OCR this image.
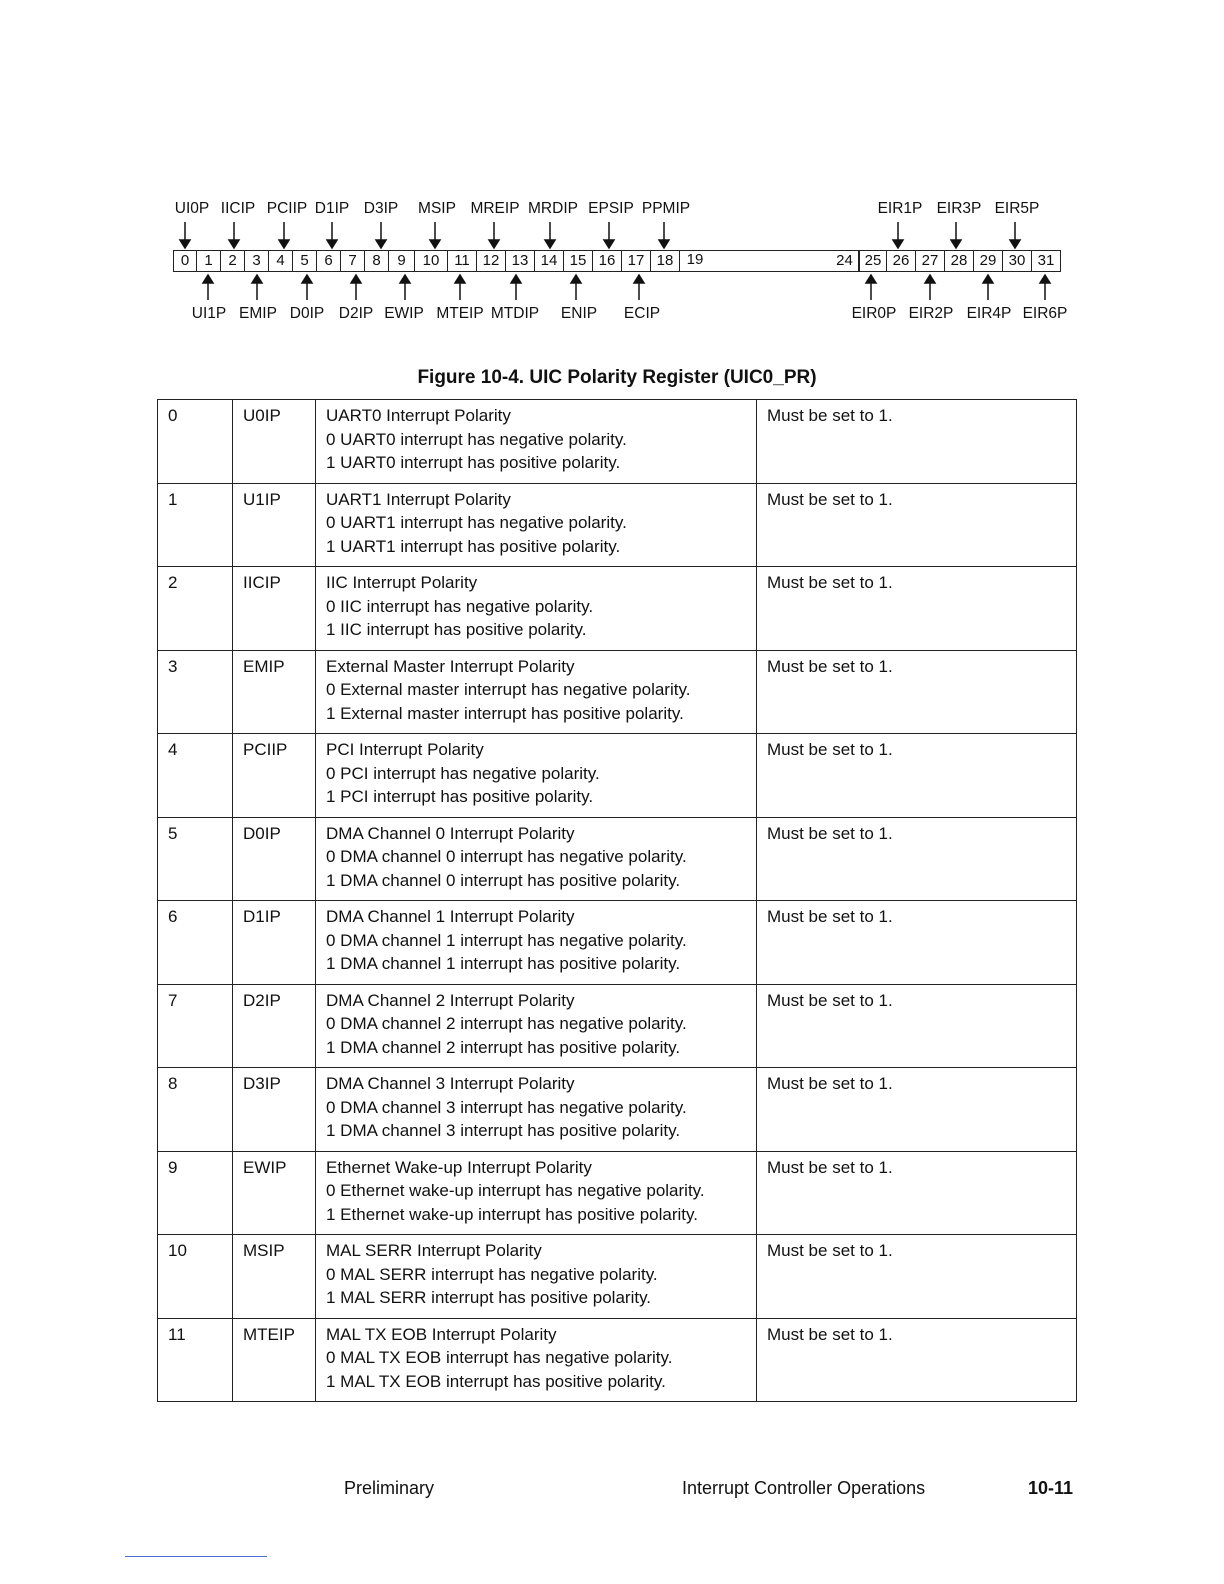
UI0P IICIP PCIIP D1IP D3IP MSIP MREIP MRDIP EPSIP PPMIP	EIR1P EIR3P EIR5P
0	1	2	3	4	5	6	7	8	9	10 11 12 13 14 15 16 17 18 19	24 25 26 27 28 29 30 31
UI1P EMIP D0IP D2IP EWIP MTEIP MTDIP ENIP ECIP	EIR0P EIR2P EIR4P EIR6P
Figure 10-4. UIC Polarity Register (UIC0_PR)
0	U0IP	UART0 Interrupt Polarity
0 UART0 interrupt has negative polarity.
1 UART0 interrupt has positive polarity.	Must be set to 1.
1	U1IP	UART1 Interrupt Polarity
0 UART1 interrupt has negative polarity.
1 UART1 interrupt has positive polarity.	Must be set to 1.
2	IICIP	IIC Interrupt Polarity
0 IIC interrupt has negative polarity.
1 IIC interrupt has positive polarity.	Must be set to 1.
3	EMIP	External Master Interrupt Polarity
0 External master interrupt has negative polarity.
1 External master interrupt has positive polarity.	Must be set to 1.
4	PCIIP	PCI Interrupt Polarity
0 PCI interrupt has negative polarity.
1 PCI interrupt has positive polarity.	Must be set to 1.
5	D0IP	DMA Channel 0 Interrupt Polarity
0 DMA channel 0 interrupt has negative polarity.
1 DMA channel 0 interrupt has positive polarity.	Must be set to 1.
6	D1IP	DMA Channel 1 Interrupt Polarity
0 DMA channel 1 interrupt has negative polarity.
1 DMA channel 1 interrupt has positive polarity.	Must be set to 1.
7	D2IP	DMA Channel 2 Interrupt Polarity
0 DMA channel 2 interrupt has negative polarity.
1 DMA channel 2 interrupt has positive polarity.	Must be set to 1.
8	D3IP	DMA Channel 3 Interrupt Polarity
0 DMA channel 3 interrupt has negative polarity.
1 DMA channel 3 interrupt has positive polarity.	Must be set to 1.
9	EWIP	Ethernet Wake-up Interrupt Polarity
0 Ethernet wake-up interrupt has negative polarity.
1 Ethernet wake-up interrupt has positive polarity.	Must be set to 1.
10	MSIP	MAL SERR Interrupt Polarity
0 MAL SERR interrupt has negative polarity.
1 MAL SERR interrupt has positive polarity.	Must be set to 1.
11	MTEIP	MAL TX EOB Interrupt Polarity
0 MAL TX EOB interrupt has negative polarity.
1 MAL TX EOB interrupt has positive polarity.	Must be set to 1.
Preliminary	Interrupt Controller Operations	10-11
